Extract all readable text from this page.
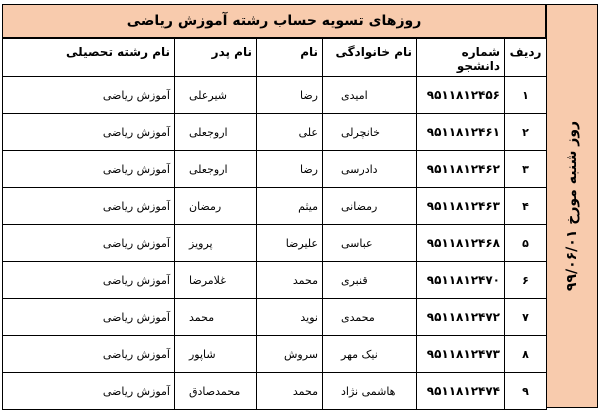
روزهای تسویه حساب رشته آموزش ریاضی
روز شنبه مورخ ۹۹/۰۶/۰۱
ردیف	شماره دانشجو	نام خانوادگی	نام	نام پدر	نام رشته تحصیلی
۱	۹۵۱۱۸۱۲۴۵۶	امیدی	رضا	شیرعلی	آموزش ریاضی
۲	۹۵۱۱۸۱۲۴۶۱	خانچرلی	علی	اروجعلی	آموزش ریاضی
۳	۹۵۱۱۸۱۲۴۶۲	دادرسی	رضا	اروجعلی	آموزش ریاضی
۴	۹۵۱۱۸۱۲۴۶۳	رمضانی	میثم	رمضان	آموزش ریاضی
۵	۹۵۱۱۸۱۲۴۶۸	عباسی	علیرضا	پرویز	آموزش ریاضی
۶	۹۵۱۱۸۱۲۴۷۰	قنبری	محمد	غلامرضا	آموزش ریاضی
۷	۹۵۱۱۸۱۲۴۷۲	محمدی	نوید	محمد	آموزش ریاضی
۸	۹۵۱۱۸۱۲۴۷۳	نیک مهر	سروش	شاپور	آموزش ریاضی
۹	۹۵۱۱۸۱۲۴۷۴	هاشمی نژاد	محمد	محمدصادق	آموزش ریاضی
